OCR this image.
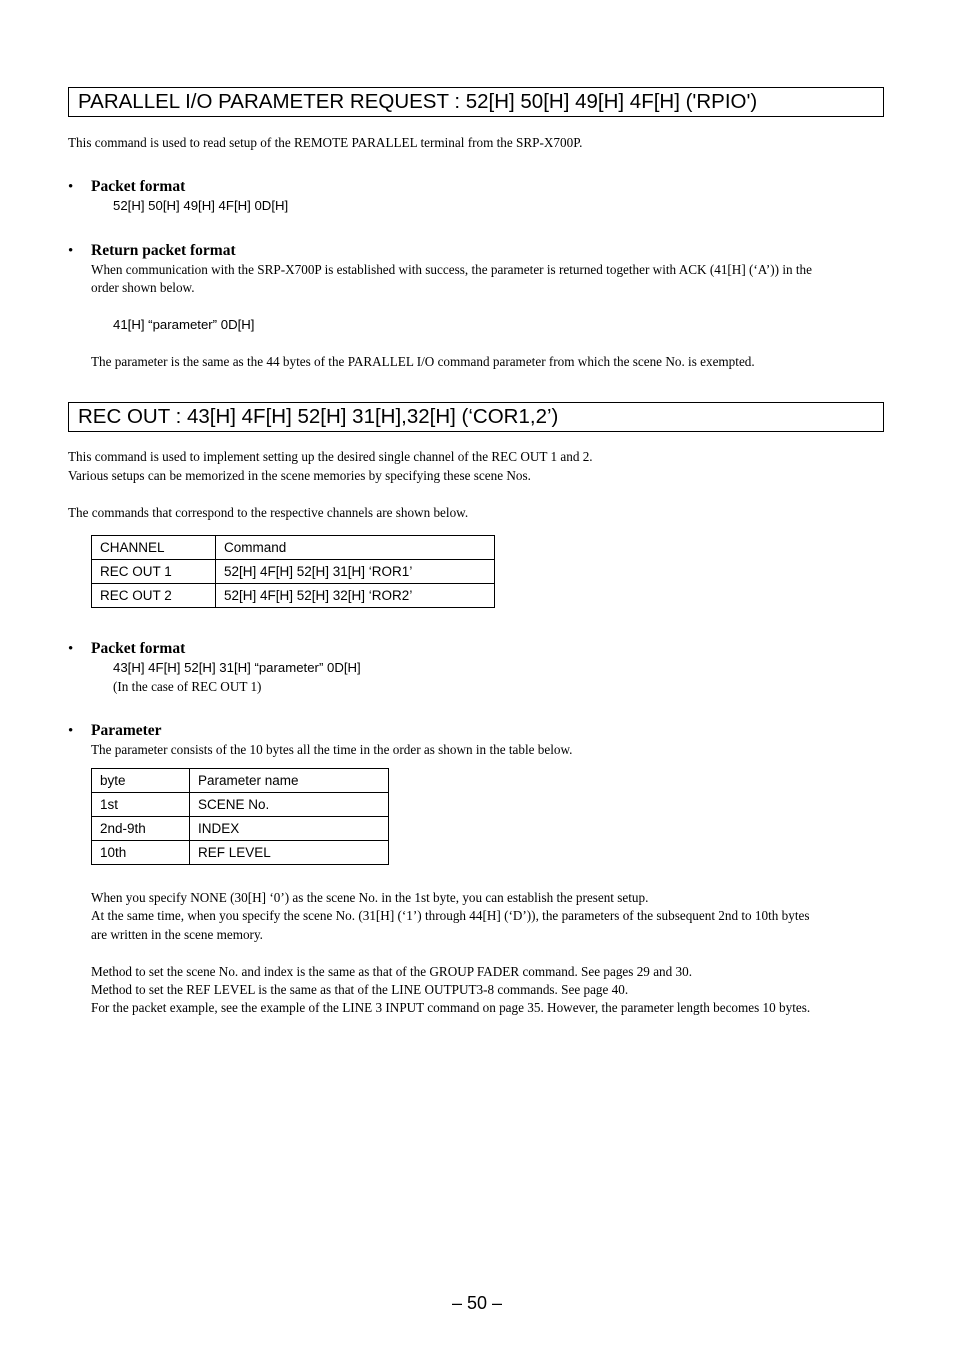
PARALLEL I/O PARAMETER REQUEST : 52[H] 50[H] 49[H] 4F[H] ('RPIO')
This command is used to read setup of the REMOTE PARALLEL terminal from the SRP-X700P.
• Packet format
52[H] 50[H] 49[H] 4F[H] 0D[H]
• Return packet format
When communication with the SRP-X700P is established with success, the parameter is returned together with ACK (41[H] (‘A’)) in the
order shown below.
41[H] “parameter” 0D[H]
The parameter is the same as the 44 bytes of the PARALLEL I/O command parameter from which the scene No. is exempted.
REC OUT : 43[H] 4F[H] 52[H] 31[H],32[H] (‘COR1,2’)
This command is used to implement setting up the desired single channel of the REC OUT 1 and 2.
Various setups can be memorized in the scene memories by specifying these scene Nos.
The commands that correspond to the respective channels are shown below.
CHANNEL	Command
REC OUT 1	52[H] 4F[H] 52[H] 31[H] ‘ROR1’
REC OUT 2	52[H] 4F[H] 52[H] 32[H] ‘ROR2’
• Packet format
43[H] 4F[H] 52[H] 31[H] “parameter” 0D[H]
(In the case of REC OUT 1)
• Parameter
The parameter consists of the 10 bytes all the time in the order as shown in the table below.
byte	Parameter name
1st	SCENE No.
2nd-9th	INDEX
10th	REF LEVEL
When you specify NONE (30[H] ‘0’) as the scene No. in the 1st byte, you can establish the present setup.
At the same time, when you specify the scene No. (31[H] (‘1’) through 44[H] (‘D’)), the parameters of the subsequent 2nd to 10th bytes
are written in the scene memory.
Method to set the scene No. and index is the same as that of the GROUP FADER command. See pages 29 and 30.
Method to set the REF LEVEL is the same as that of the LINE OUTPUT3-8 commands. See page 40.
For the packet example, see the example of the LINE 3 INPUT command on page 35. However, the parameter length becomes 10 bytes.
– 50 –
